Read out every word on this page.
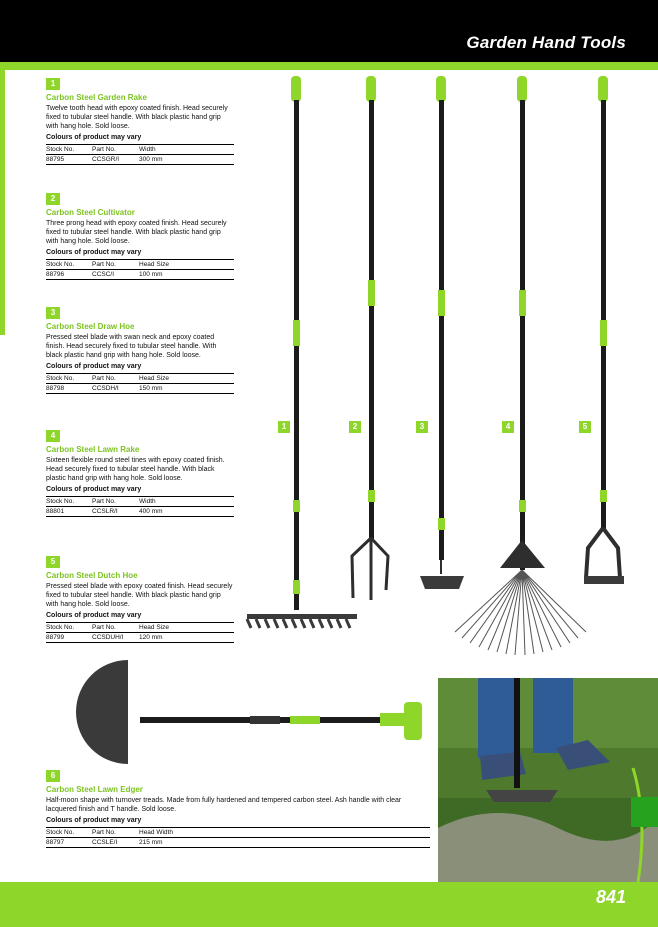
Garden Hand Tools
1
Carbon Steel Garden Rake
Twelve tooth head with epoxy coated finish. Head securely fixed to tubular steel handle. With black plastic hand grip with hang hole. Sold loose.
Colours of product may vary
Stock No.	Part No.	Width
88795	CCSGR/I	300 mm
2
Carbon Steel Cultivator
Three prong head with epoxy coated finish. Head securely fixed to tubular steel handle. With black plastic hand grip with hang hole. Sold loose.
Colours of product may vary
Stock No.	Part No.	Head Size
88796	CCSC/I	100 mm
3
Carbon Steel Draw Hoe
Pressed steel blade with swan neck and epoxy coated finish. Head securely fixed to tubular steel handle. With black plastic hand grip with hang hole. Sold loose.
Colours of product may vary
Stock No.	Part No.	Head Size
88798	CCSDH/I	150 mm
4
Carbon Steel Lawn Rake
Sixteen flexible round steel tines with epoxy coated finish. Head securely fixed to tubular steel handle. With black plastic hand grip with hang hole. Sold loose.
Colours of product may vary
Stock No.	Part No.	Width
88801	CCSLR/I	400 mm
5
Carbon Steel Dutch Hoe
Pressed steel blade with epoxy coated finish. Head securely fixed to tubular steel handle. With black plastic hand grip with hang hole. Sold loose.
Colours of product may vary
Stock No.	Part No.	Head Size
88799	CCSDUH/I	120 mm
6
Carbon Steel Lawn Edger
Half-moon shape with turnover treads. Made from fully hardened and tempered carbon steel. Ash handle with clear lacquered finish and T handle. Sold loose.
Colours of product may vary
Stock No.	Part No.	Head Width
88797	CCSLE/I	215 mm
1	2	3	4	5
841
